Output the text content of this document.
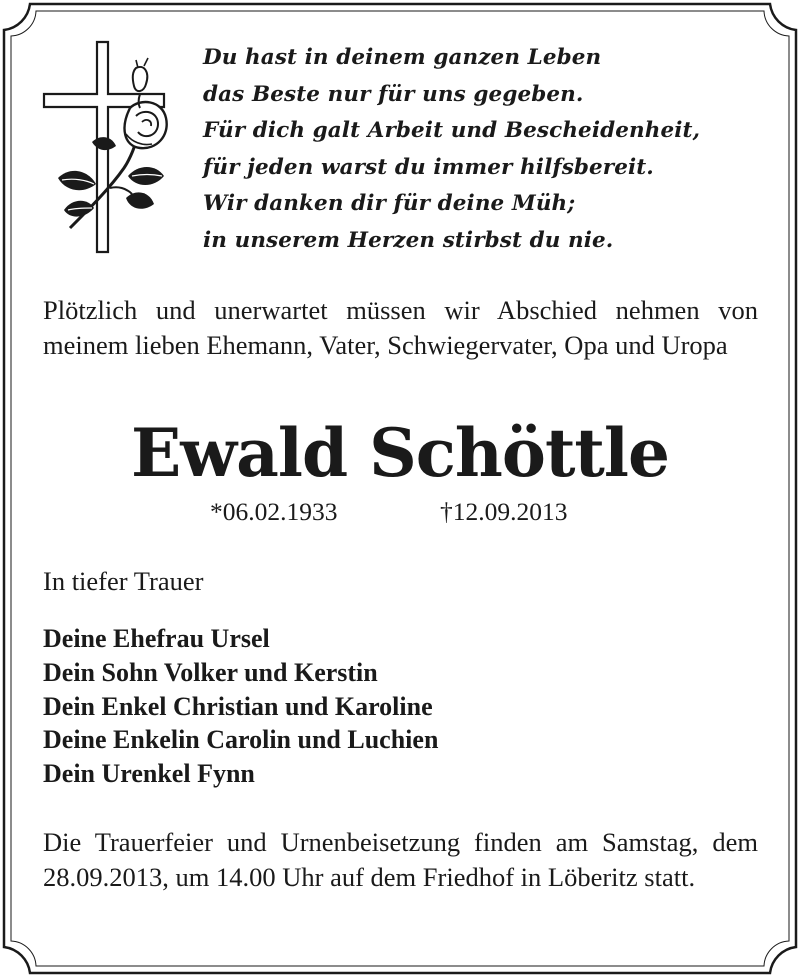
Du hast in deinem ganzen Leben
das Beste nur für uns gegeben.
Für dich galt Arbeit und Bescheidenheit,
für jeden warst du immer hilfsbereit.
Wir danken dir für deine Müh;
in unserem Herzen stirbst du nie.
Plötzlich und unerwartet müssen wir Abschied nehmen von meinem lieben Ehemann, Vater, Schwiegervater, Opa und Uropa
Ewald Schöttle
*06.02.1933	†12.09.2013
In tiefer Trauer
Deine Ehefrau Ursel
Dein Sohn Volker und Kerstin
Dein Enkel Christian und Karoline
Deine Enkelin Carolin und Luchien
Dein Urenkel Fynn
Die Trauerfeier und Urnenbeisetzung finden am Samstag, dem 28.09.2013, um 14.00 Uhr auf dem Friedhof in Löberitz statt.
